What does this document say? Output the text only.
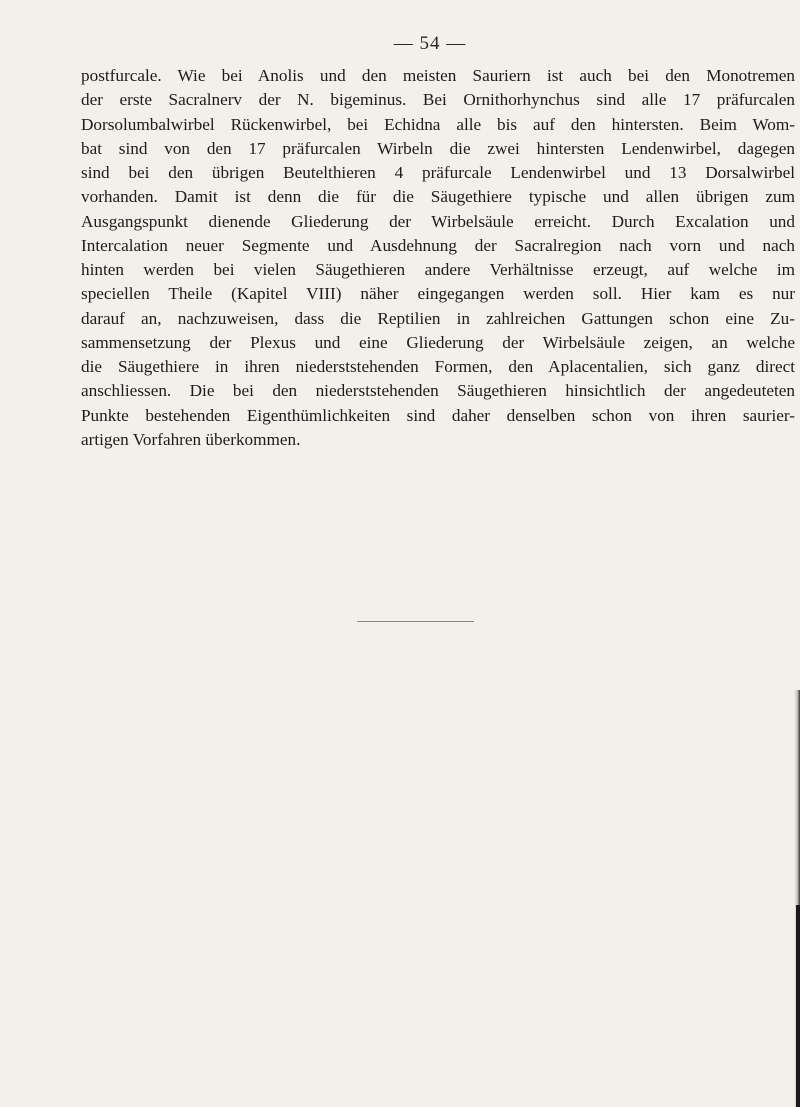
— 54 —
postfurcale. Wie bei Anolis und den meisten Sauriern ist auch bei den Monotremen
der erste Sacralnerv der N. bigeminus. Bei Ornithorhynchus sind alle 17 präfurcalen
Dorsolumbalwirbel Rückenwirbel, bei Echidna alle bis auf den hintersten. Beim Wom-
bat sind von den 17 präfurcalen Wirbeln die zwei hintersten Lendenwirbel, dagegen
sind bei den übrigen Beutelthieren 4 präfurcale Lendenwirbel und 13 Dorsalwirbel
vorhanden. Damit ist denn die für die Säugethiere typische und allen übrigen zum
Ausgangspunkt dienende Gliederung der Wirbelsäule erreicht. Durch Excalation und
Intercalation neuer Segmente und Ausdehnung der Sacralregion nach vorn und nach
hinten werden bei vielen Säugethieren andere Verhältnisse erzeugt, auf welche im
speciellen Theile (Kapitel VIII) näher eingegangen werden soll. Hier kam es nur
darauf an, nachzuweisen, dass die Reptilien in zahlreichen Gattungen schon eine Zu-
sammensetzung der Plexus und eine Gliederung der Wirbelsäule zeigen, an welche
die Säugethiere in ihren niederststehenden Formen, den Aplacentalien, sich ganz direct
anschliessen. Die bei den niederststehenden Säugethieren hinsichtlich der angedeuteten
Punkte bestehenden Eigenthümlichkeiten sind daher denselben schon von ihren saurier-
artigen Vorfahren überkommen.
